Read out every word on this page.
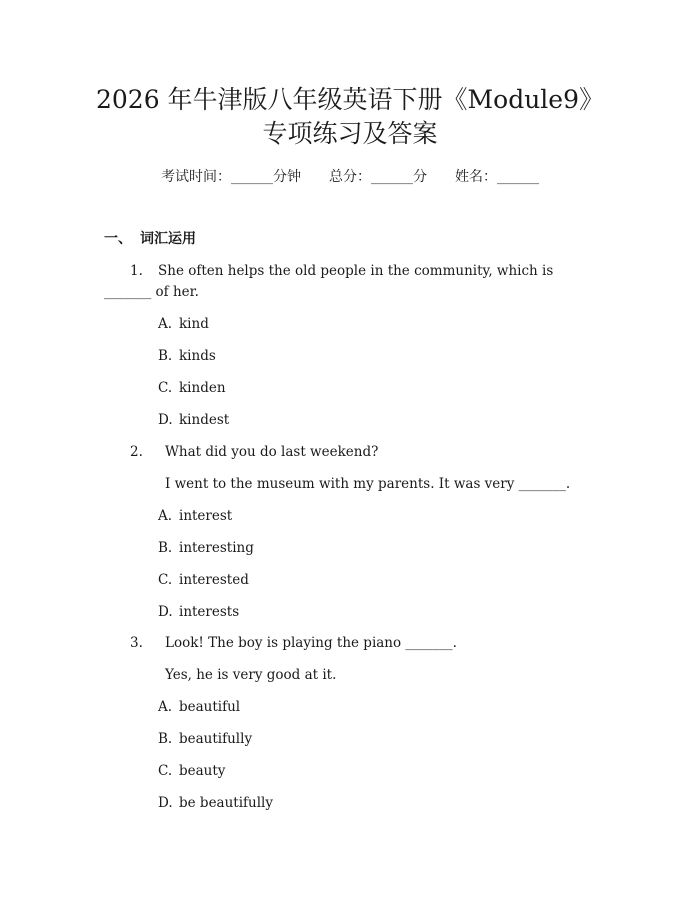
2026 年牛津版八年级英语下册《Module9》
专项练习及答案
考试时间：______分钟 总分：______分 姓名：______
一、 词汇运用
1. She often helps the old people in the community, which is
_______ of her.
A. kind
B. kinds
C. kinden
D. kindest
2. What did you do last weekend?
I went to the museum with my parents. It was very _______.
A. interest
B. interesting
C. interested
D. interests
3. Look! The boy is playing the piano _______.
Yes, he is very good at it.
A. beautiful
B. beautifully
C. beauty
D. be beautifully
